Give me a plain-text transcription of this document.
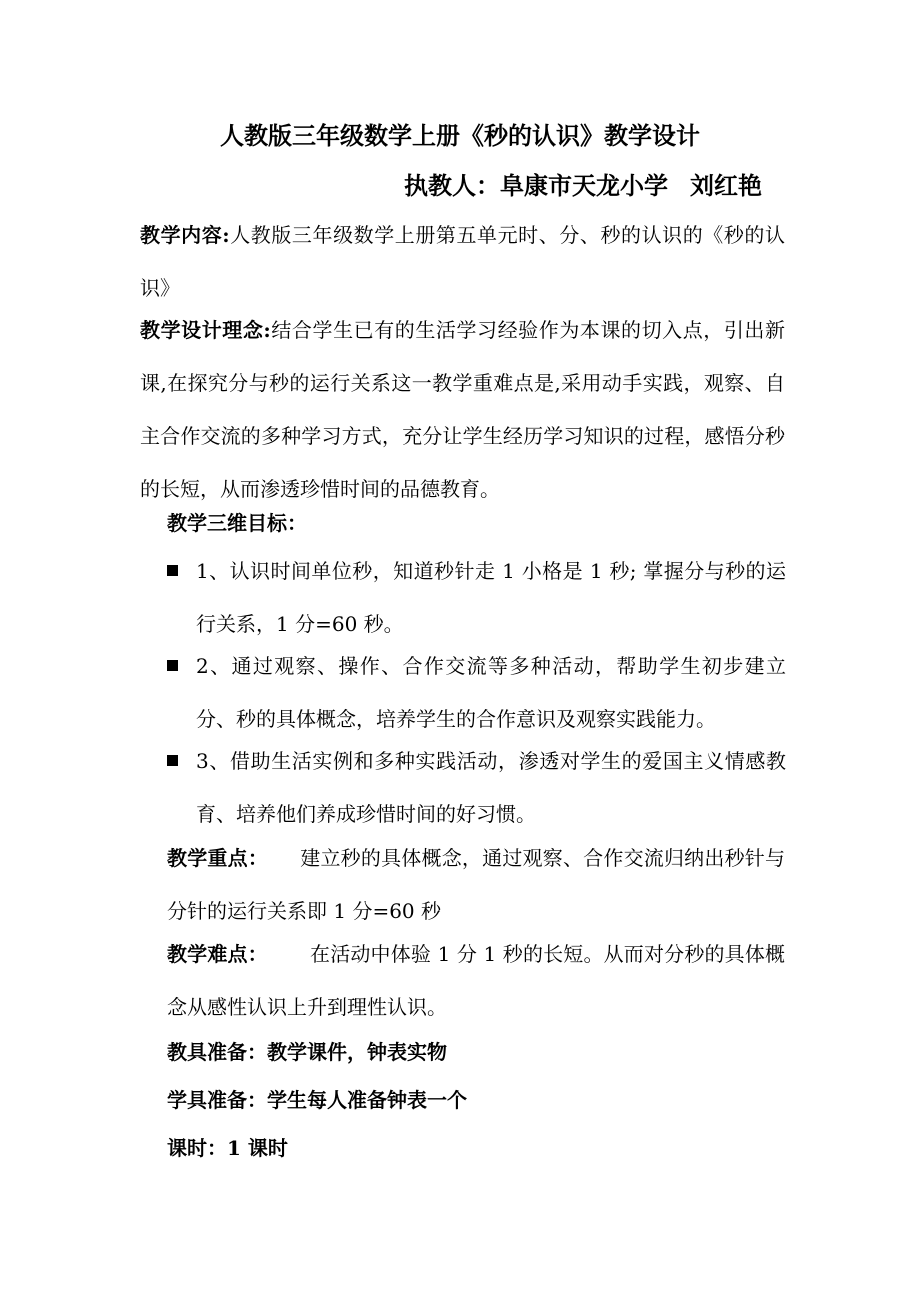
人教版三年级数学上册《秒的认识》教学设计
执教人：阜康市天龙小学 刘红艳
教学内容:人教版三年级数学上册第五单元时、分、秒的认识的《秒的认识》
教学设计理念:结合学生已有的生活学习经验作为本课的切入点，引出新课,在探究分与秒的运行关系这一教学重难点是,采用动手实践，观察、自主合作交流的多种学习方式，充分让学生经历学习知识的过程，感悟分秒的长短，从而渗透珍惜时间的品德教育。
教学三维目标：
1、认识时间单位秒，知道秒针走 1 小格是 1 秒; 掌握分与秒的运行关系，1 分=60 秒。
2、通过观察、操作、合作交流等多种活动，帮助学生初步建立分、秒的具体概念，培养学生的合作意识及观察实践能力。
3、借助生活实例和多种实践活动，渗透对学生的爱国主义情感教育、培养他们养成珍惜时间的好习惯。
教学重点： 建立秒的具体概念，通过观察、合作交流归纳出秒针与分针的运行关系即 1 分=60 秒
教学难点： 在活动中体验 1 分 1 秒的长短。从而对分秒的具体概念从感性认识上升到理性认识。
教具准备：教学课件，钟表实物
学具准备：学生每人准备钟表一个
课时：1 课时
